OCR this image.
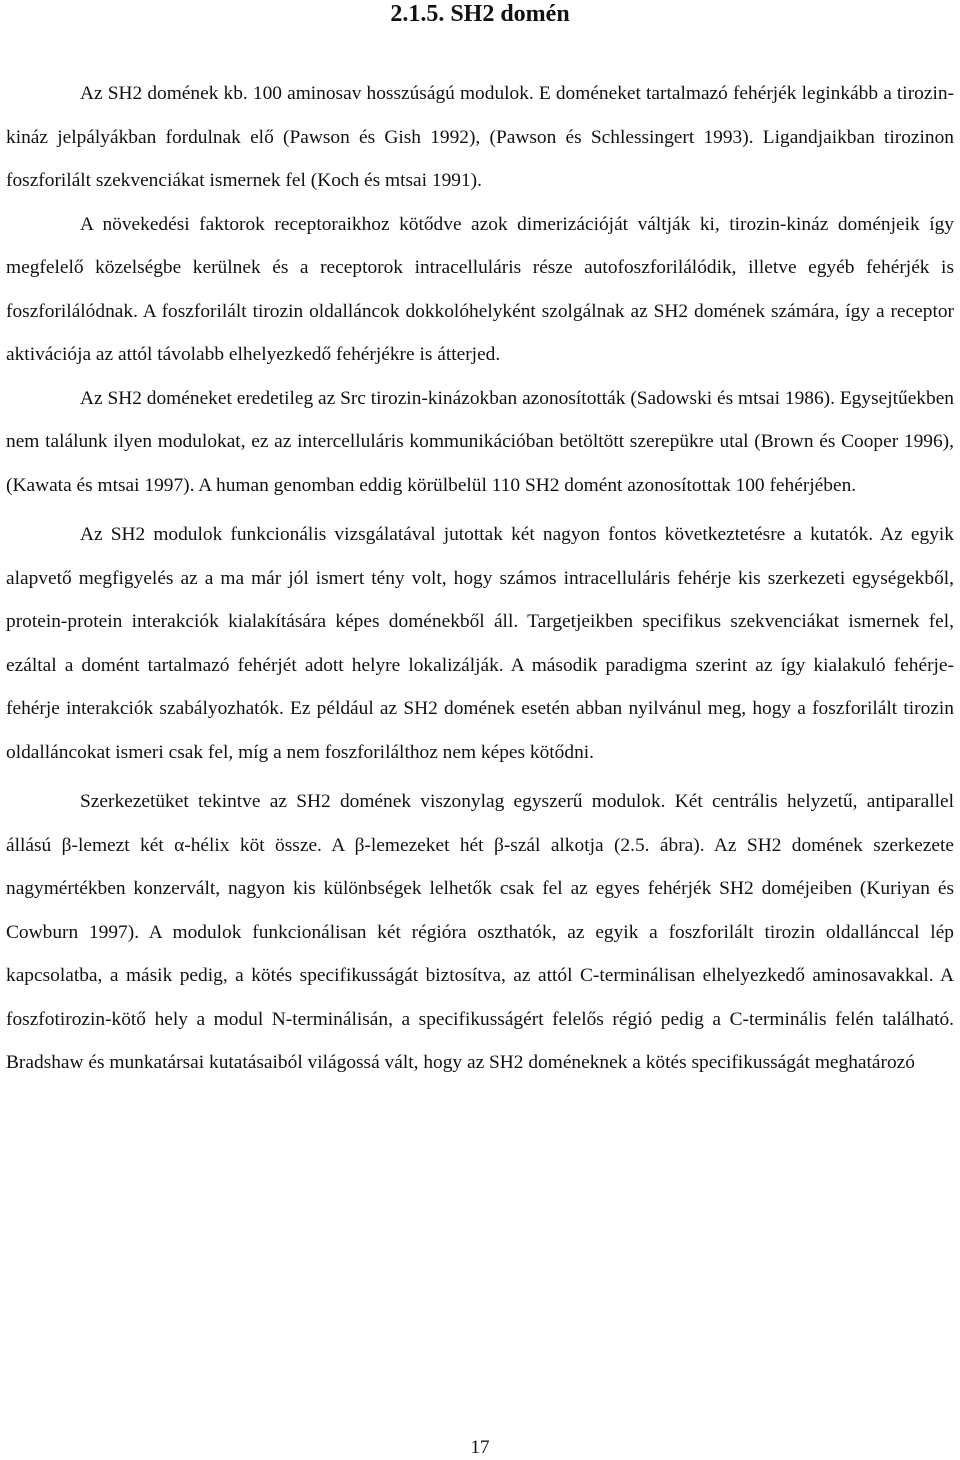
2.1.5. SH2 domén

Az SH2 domének kb. 100 aminosav hosszúságú modulok. E doméneket tartalmazó fehérjék leginkább a tirozin-kináz jelpályákban fordulnak elő (Pawson és Gish 1992), (Pawson és Schlessingert 1993). Ligandjaikban tirozinon foszforilált szekvenciákat ismernek fel (Koch és mtsai 1991).

A növekedési faktorok receptoraikhoz kötődve azok dimerizációját váltják ki, tirozin-kináz doménjeik így megfelelő közelségbe kerülnek és a receptorok intracelluláris része autofoszforilálódik, illetve egyéb fehérjék is foszforilálódnak. A foszforilált tirozin oldalláncok dokkolóhelyként szolgálnak az SH2 domének számára, így a receptor aktivációja az attól távolabb elhelyezkedő fehérjékre is átterjed.

Az SH2 doméneket eredetileg az Src tirozin-kinázokban azonosították (Sadowski és mtsai 1986). Egysejtűekben nem találunk ilyen modulokat, ez az intercelluláris kommunikációban betöltött szerepükre utal (Brown és Cooper 1996), (Kawata és mtsai 1997). A human genomban eddig körülbelül 110 SH2 domént azonosítottak 100 fehérjében.

Az SH2 modulok funkcionális vizsgálatával jutottak két nagyon fontos következtetésre a kutatók. Az egyik alapvető megfigyelés az a ma már jól ismert tény volt, hogy számos intracelluláris fehérje kis szerkezeti egységekből, protein-protein interakciók kialakítására képes doménekből áll. Targetjeikben specifikus szekvenciákat ismernek fel, ezáltal a domént tartalmazó fehérjét adott helyre lokalizálják. A második paradigma szerint az így kialakuló fehérje-fehérje interakciók szabályozhatók. Ez például az SH2 domének esetén abban nyilvánul meg, hogy a foszforilált tirozin oldalláncokat ismeri csak fel, míg a nem foszforilálthoz nem képes kötődni.

Szerkezetüket tekintve az SH2 domének viszonylag egyszerű modulok. Két centrális helyzetű, antiparallel állású β-lemezt két α-hélix köt össze. A β-lemezeket hét β-szál alkotja (2.5. ábra). Az SH2 domének szerkezete nagymértékben konzervált, nagyon kis különbségek lelhetők csak fel az egyes fehérjék SH2 doméjeiben (Kuriyan és Cowburn 1997). A modulok funkcionálisan két régióra oszthatók, az egyik a foszforilált tirozin oldallánccal lép kapcsolatba, a másik pedig, a kötés specifikusságát biztosítva, az attól C-terminálisan elhelyezkedő aminosavakkal. A foszfotirozin-kötő hely a modul N-terminálisán, a specifikusságért felelős régió pedig a C-terminális felén található. Bradshaw és munkatársai kutatásaiból világossá vált, hogy az SH2 doméneknek a kötés specifikusságát meghatározó

17
